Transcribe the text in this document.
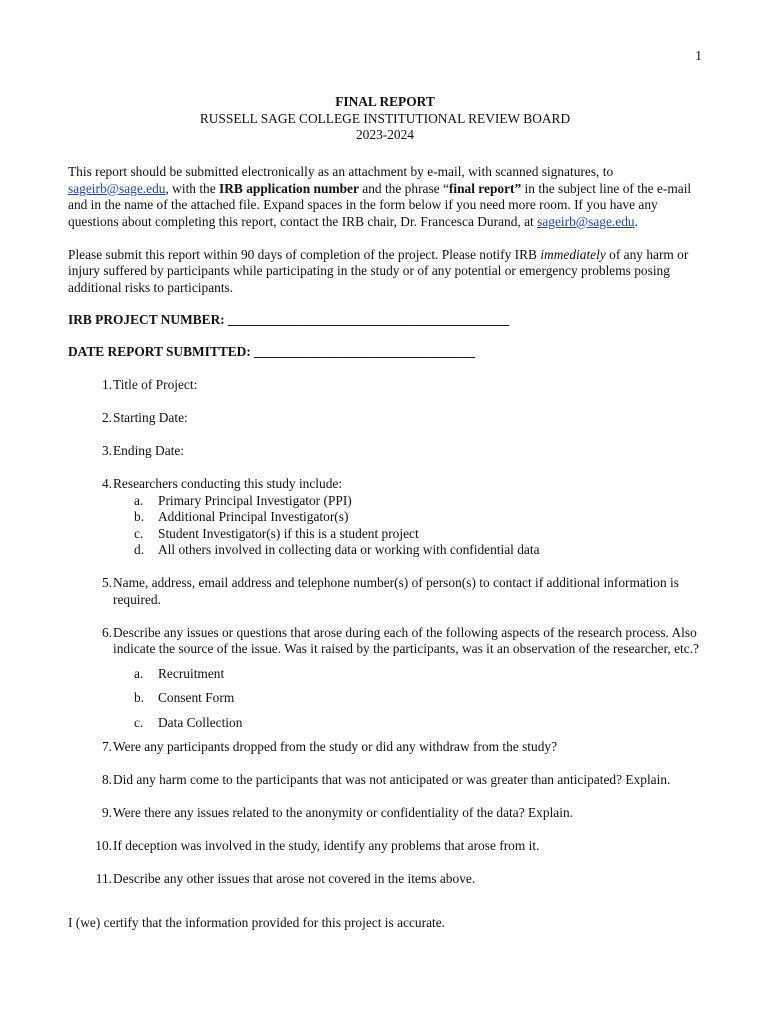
1
FINAL REPORT
RUSSELL SAGE COLLEGE INSTITUTIONAL REVIEW BOARD
2023-2024

This report should be submitted electronically as an attachment by e-mail, with scanned signatures, to sageirb@sage.edu, with the IRB application number and the phrase “final report” in the subject line of the e-mail and in the name of the attached file. Expand spaces in the form below if you need more room. If you have any questions about completing this report, contact the IRB chair, Dr. Francesca Durand, at sageirb@sage.edu.

Please submit this report within 90 days of completion of the project. Please notify IRB immediately of any harm or injury suffered by participants while participating in the study or of any potential or emergency problems posing additional risks to participants.

IRB PROJECT NUMBER: __________________________________________
DATE REPORT SUBMITTED: _________________________________
1. Title of Project:
2. Starting Date:
3. Ending Date:
4. Researchers conducting this study include:
a.	Primary Principal Investigator (PPI)
b.	Additional Principal Investigator(s)
c.	Student Investigator(s) if this is a student project
d.	All others involved in collecting data or working with confidential data
5. Name, address, email address and telephone number(s) of person(s) to contact if additional information is required.
6. Describe any issues or questions that arose during each of the following aspects of the research process. Also indicate the source of the issue. Was it raised by the participants, was it an observation of the researcher, etc.?
a.	Recruitment
b.	Consent Form
c.	Data Collection
7. Were any participants dropped from the study or did any withdraw from the study?
8. Did any harm come to the participants that was not anticipated or was greater than anticipated? Explain.
9. Were there any issues related to the anonymity or confidentiality of the data? Explain.
10. If deception was involved in the study, identify any problems that arose from it.
11. Describe any other issues that arose not covered in the items above.
I (we) certify that the information provided for this project is accurate.
